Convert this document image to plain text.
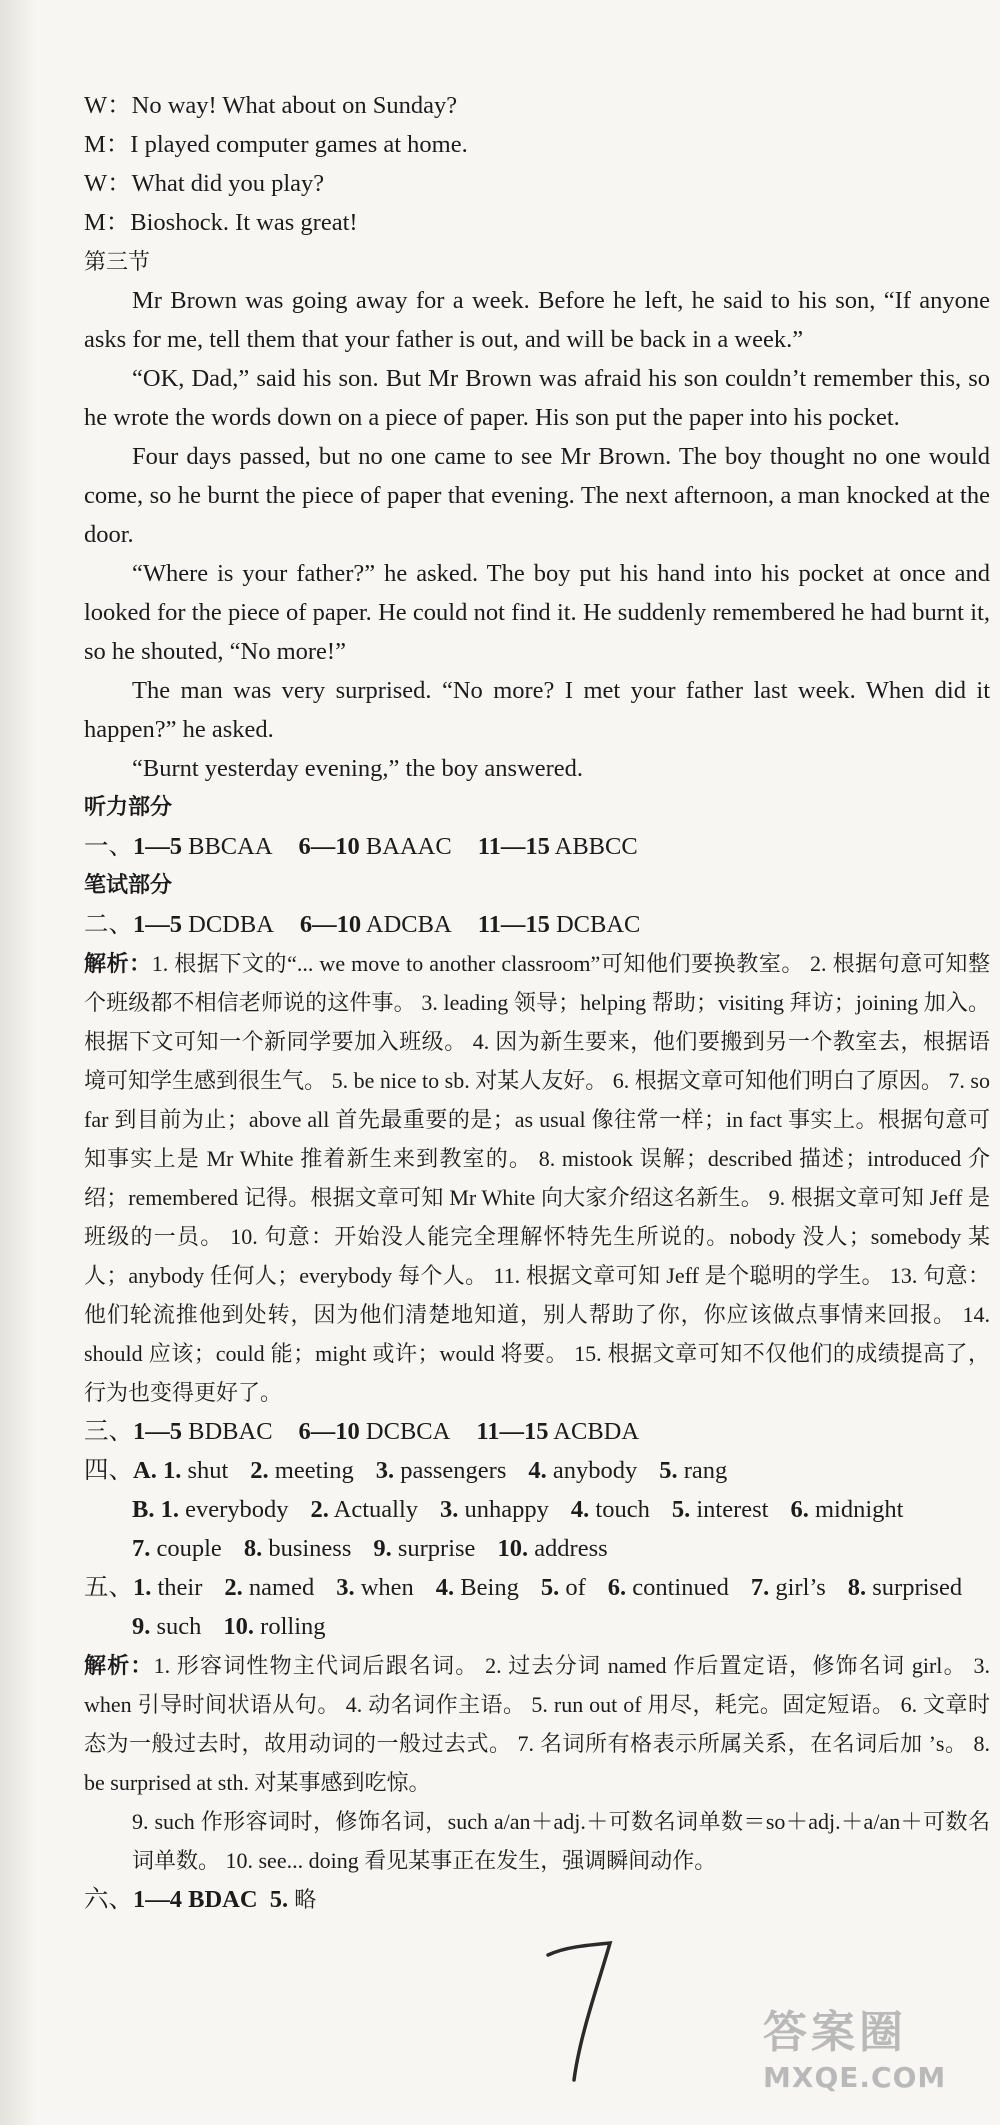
W：No way! What about on Sunday?
M：I played computer games at home.
W：What did you play?
M：Bioshock. It was great!
第三节
Mr Brown was going away for a week. Before he left, he said to his son, “If anyone asks for me, tell them that your father is out, and will be back in a week.”
“OK, Dad,” said his son. But Mr Brown was afraid his son couldn’t remember this, so he wrote the words down on a piece of paper. His son put the paper into his pocket.
Four days passed, but no one came to see Mr Brown. The boy thought no one would come, so he burnt the piece of paper that evening. The next afternoon, a man knocked at the door.
“Where is your father?” he asked. The boy put his hand into his pocket at once and looked for the piece of paper. He could not find it. He suddenly remembered he had burnt it, so he shouted, “No more!”
The man was very surprised. “No more? I met your father last week. When did it happen?” he asked.
“Burnt yesterday evening,” the boy answered.
听力部分
一、1—5 BBCAA 6—10 BAAAC 11—15 ABBCC
笔试部分
二、1—5 DCDBA 6—10 ADCBA 11—15 DCBAC
解析：1. 根据下文的“... we move to another classroom”可知他们要换教室。 2. 根据句意可知整个班级都不相信老师说的这件事。 3. leading 领导；helping 帮助；visiting 拜访；joining 加入。根据下文可知一个新同学要加入班级。 4. 因为新生要来，他们要搬到另一个教室去，根据语境可知学生感到很生气。 5. be nice to sb. 对某人友好。 6. 根据文章可知他们明白了原因。 7. so far 到目前为止；above all 首先最重要的是；as usual 像往常一样；in fact 事实上。根据句意可知事实上是 Mr White 推着新生来到教室的。 8. mistook 误解；described 描述；introduced 介绍；remembered 记得。根据文章可知 Mr White 向大家介绍这名新生。 9. 根据文章可知 Jeff 是班级的一员。 10. 句意：开始没人能完全理解怀特先生所说的。nobody 没人；somebody 某人；anybody 任何人；everybody 每个人。 11. 根据文章可知 Jeff 是个聪明的学生。 13. 句意：他们轮流推他到处转，因为他们清楚地知道，别人帮助了你，你应该做点事情来回报。 14. should 应该；could 能；might 或许；would 将要。 15. 根据文章可知不仅他们的成绩提高了，行为也变得更好了。
三、1—5 BDBAC 6—10 DCBCA 11—15 ACBDA
四、A. 1. shut 2. meeting 3. passengers 4. anybody 5. rang
B. 1. everybody 2. Actually 3. unhappy 4. touch 5. interest 6. midnight
7. couple 8. business 9. surprise 10. address
五、1. their 2. named 3. when 4. Being 5. of 6. continued 7. girl’s 8. surprised
9. such 10. rolling
解析：1. 形容词性物主代词后跟名词。 2. 过去分词 named 作后置定语，修饰名词 girl。 3. when 引导时间状语从句。 4. 动名词作主语。 5. run out of 用尽，耗完。固定短语。 6. 文章时态为一般过去时，故用动词的一般过去式。 7. 名词所有格表示所属关系，在名词后加 ’s。 8. be surprised at sth. 对某事感到吃惊。
9. such 作形容词时，修饰名词，such a/an＋adj.＋可数名词单数＝so＋adj.＋a/an＋可数名词单数。 10. see... doing 看见某事正在发生，强调瞬间动作。
六、1—4 BDAC 5. 略
答案圈
MXQE.COM
